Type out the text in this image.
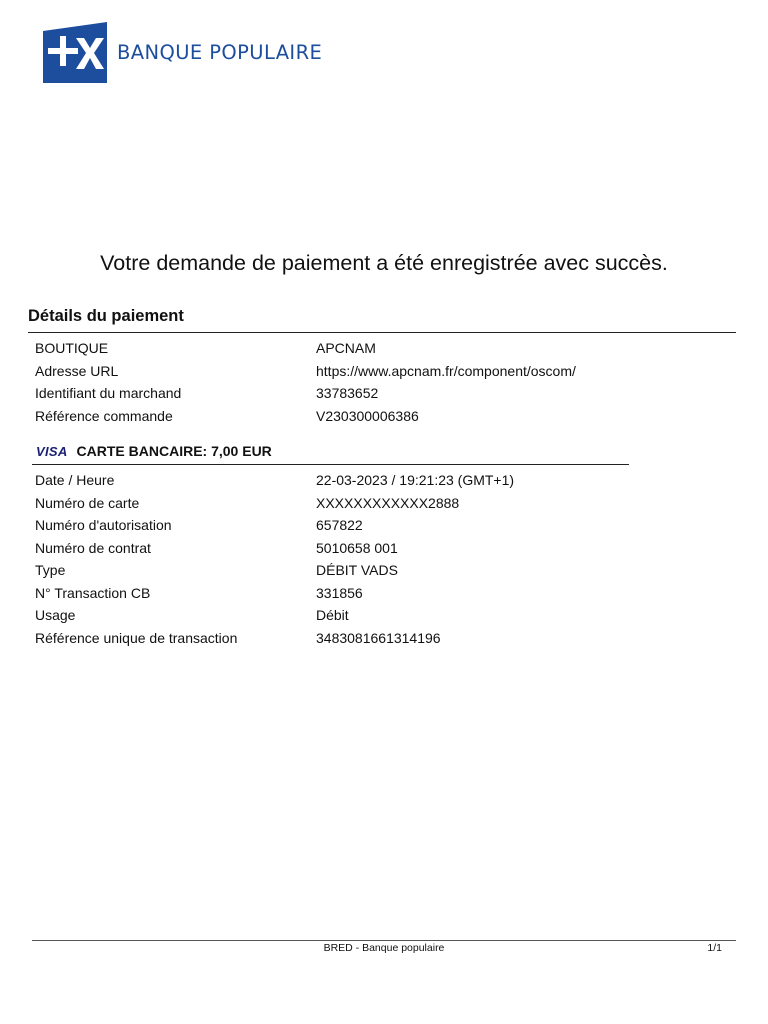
BANQUE POPULAIRE
Votre demande de paiement a été enregistrée avec succès.
Détails du paiement
BOUTIQUE	APCNAM
Adresse URL	https://www.apcnam.fr/component/oscom/
Identifiant du marchand	33783652
Référence commande	V230300006386
VISA CARTE BANCAIRE: 7,00 EUR
Date / Heure	22-03-2023 / 19:21:23 (GMT+1)
Numéro de carte	XXXXXXXXXXXX2888
Numéro d'autorisation	657822
Numéro de contrat	5010658 001
Type	DÉBIT VADS
N° Transaction CB	331856
Usage	Débit
Référence unique de transaction	3483081661314196
BRED - Banque populaire	1/1
